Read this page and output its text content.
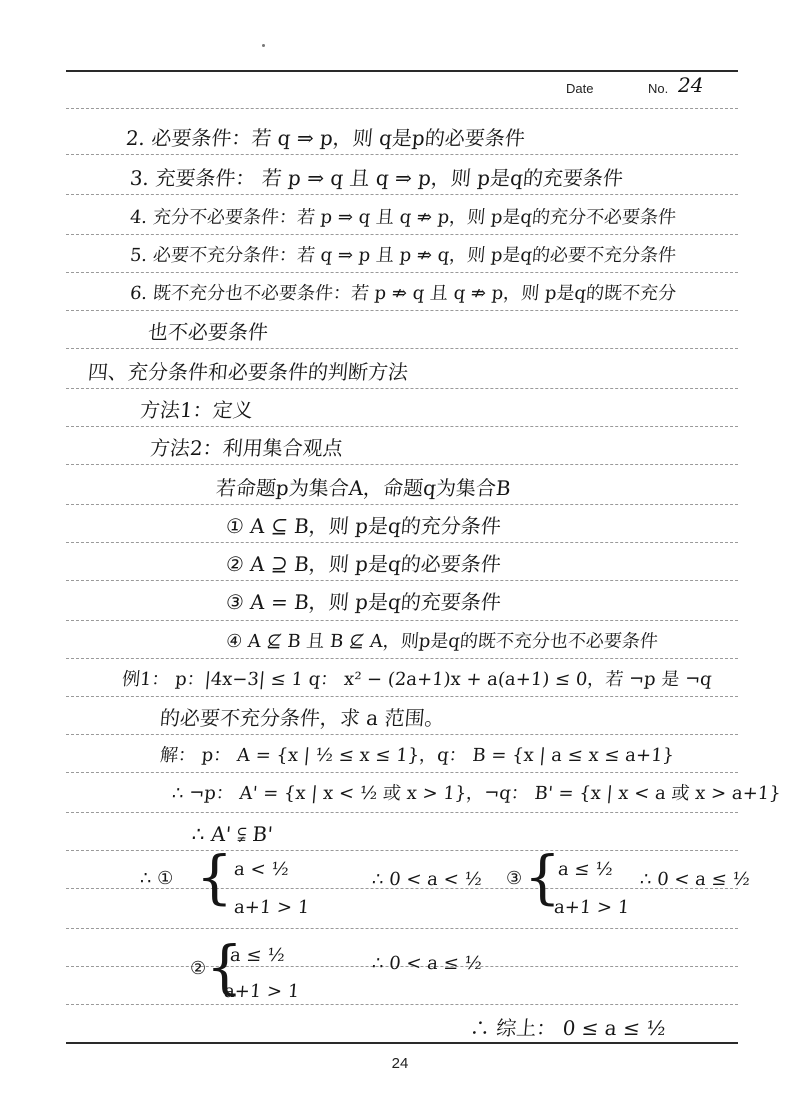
Date	No. 24
2. 必要条件：若 q ⇒ p，则 q是p的必要条件
3. 充要条件： 若 p ⇒ q 且 q ⇒ p，则 p是q的充要条件
4. 充分不必要条件：若 p ⇒ q 且 q ⇏ p，则 p是q的充分不必要条件
5. 必要不充分条件：若 q ⇒ p 且 p ⇏ q，则 p是q的必要不充分条件
6. 既不充分也不必要条件：若 p ⇏ q 且 q ⇏ p，则 p是q的既不充分
也不必要条件
四、充分条件和必要条件的判断方法
方法1：定义
方法2：利用集合观点
若命题p为集合A，命题q为集合B
① A ⊆ B，则 p是q的充分条件
② A ⊇ B，则 p是q的必要条件
③ A = B，则 p是q的充要条件
④ A ⊈ B 且 B ⊈ A，则p是q的既不充分也不必要条件
例1： p：|4x−3| ≤ 1 q： x² − (2a+1)x + a(a+1) ≤ 0，若 ¬p 是 ¬q
的必要不充分条件，求 a 范围。
解： p： A = {x | ½ ≤ x ≤ 1}，q： B = {x | a ≤ x ≤ a+1}
∴ ¬p： A' = {x | x < ½ 或 x > 1}，¬q： B' = {x | x < a 或 x > a+1}
∴ A' ⫋ B'
∴ ① { a < ½
a+1 > 1
∴ 0 < a < ½ ③ {
a ≤ ½
a+1 > 1
∴ 0 < a ≤ ½
② {
a ≤ ½
a+1 > 1
∴ 0 < a ≤ ½
∴ 综上： 0 ≤ a ≤ ½
24
